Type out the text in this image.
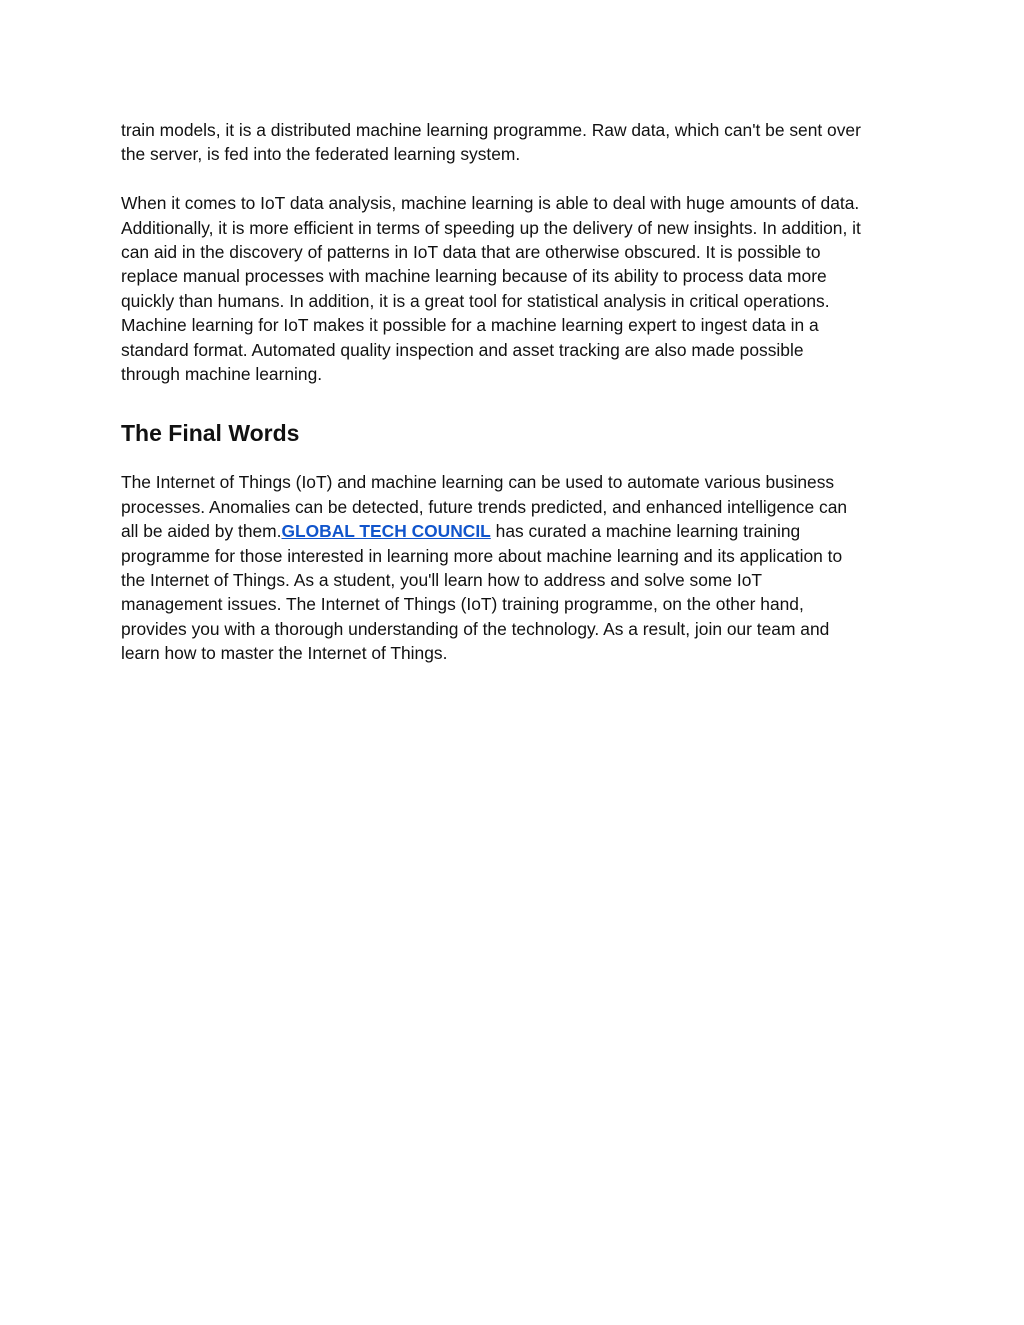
train models, it is a distributed machine learning programme. Raw data, which can't be sent over
the server, is fed into the federated learning system.
When it comes to IoT data analysis, machine learning is able to deal with huge amounts of data.
Additionally, it is more efficient in terms of speeding up the delivery of new insights. In addition, it
can aid in the discovery of patterns in IoT data that are otherwise obscured. It is possible to
replace manual processes with machine learning because of its ability to process data more
quickly than humans. In addition, it is a great tool for statistical analysis in critical operations.
Machine learning for IoT makes it possible for a machine learning expert to ingest data in a
standard format. Automated quality inspection and asset tracking are also made possible
through machine learning.
The Final Words
The Internet of Things (IoT) and machine learning can be used to automate various business
processes. Anomalies can be detected, future trends predicted, and enhanced intelligence can
all be aided by them.GLOBAL TECH COUNCIL has curated a machine learning training
programme for those interested in learning more about machine learning and its application to
the Internet of Things. As a student, you'll learn how to address and solve some IoT
management issues. The Internet of Things (IoT) training programme, on the other hand,
provides you with a thorough understanding of the technology. As a result, join our team and
learn how to master the Internet of Things.
